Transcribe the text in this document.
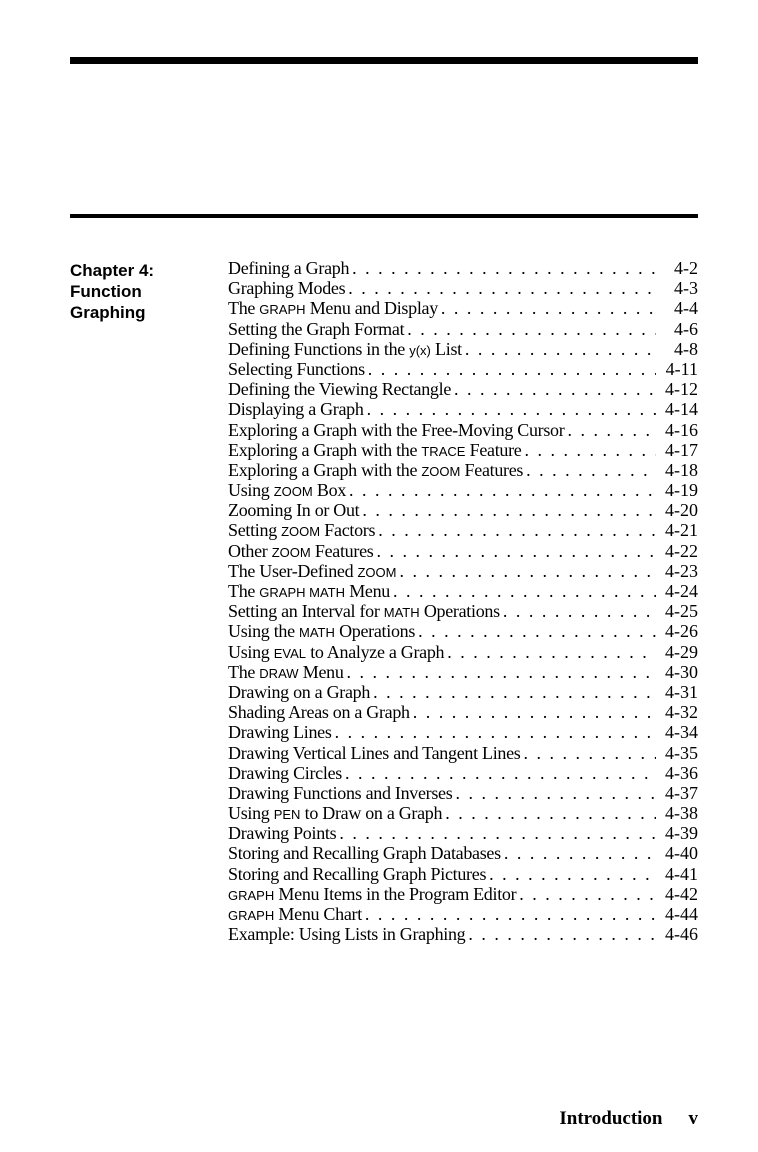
Chapter 4:
Function
Graphing
Defining a Graph . . .	4-2
Graphing Modes . . .	4-3
The GRAPH Menu and Display . . .	4-4
Setting the Graph Format . . .	4-6
Defining Functions in the y(x) List . . .	4-8
Selecting Functions . . .	4-11
Defining the Viewing Rectangle . . .	4-12
Displaying a Graph . . .	4-14
Exploring a Graph with the Free-Moving Cursor . . .	4-16
Exploring a Graph with the TRACE Feature . . .	4-17
Exploring a Graph with the ZOOM Features . . .	4-18
Using ZOOM Box . . .	4-19
Zooming In or Out . . .	4-20
Setting ZOOM Factors . . .	4-21
Other ZOOM Features . . .	4-22
The User-Defined ZOOM . . .	4-23
The GRAPH MATH Menu . . .	4-24
Setting an Interval for MATH Operations . . .	4-25
Using the MATH Operations . . .	4-26
Using EVAL to Analyze a Graph . . .	4-29
The DRAW Menu . . .	4-30
Drawing on a Graph . . .	4-31
Shading Areas on a Graph . . .	4-32
Drawing Lines . . .	4-34
Drawing Vertical Lines and Tangent Lines . . .	4-35
Drawing Circles . . .	4-36
Drawing Functions and Inverses . . .	4-37
Using PEN to Draw on a Graph . . .	4-38
Drawing Points . . .	4-39
Storing and Recalling Graph Databases . . .	4-40
Storing and Recalling Graph Pictures . . .	4-41
GRAPH Menu Items in the Program Editor . . .	4-42
GRAPH Menu Chart . . .	4-44
Example: Using Lists in Graphing . . .	4-46
Introduction v
